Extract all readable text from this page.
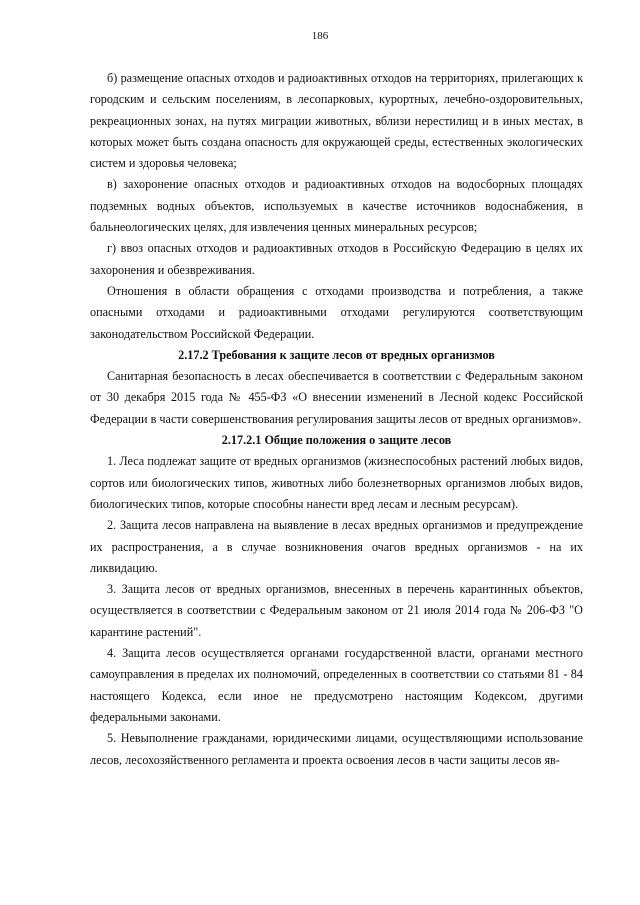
186

б) размещение опасных отходов и радиоактивных отходов на территориях, прилегающих к городским и сельским поселениям, в лесопарковых, курортных, лечебно-оздоровительных, рекреационных зонах, на путях миграции животных, вблизи нерестилищ и в иных местах, в которых может быть создана опасность для окружающей среды, естественных экологических систем и здоровья человека;

в) захоронение опасных отходов и радиоактивных отходов на водосборных площадях подземных водных объектов, используемых в качестве источников водоснабжения, в бальнеологических целях, для извлечения ценных минеральных ресурсов;

г) ввоз опасных отходов и радиоактивных отходов в Российскую Федерацию в целях их захоронения и обезвреживания.

Отношения в области обращения с отходами производства и потребления, а также опасными отходами и радиоактивными отходами регулируются соответствующим законодательством Российской Федерации.

2.17.2 Требования к защите лесов от вредных организмов

Санитарная безопасность в лесах обеспечивается в соответствии с Федеральным законом от 30 декабря 2015 года № 455-ФЗ «О внесении изменений в Лесной кодекс Российской Федерации в части совершенствования регулирования защиты лесов от вредных организмов».

2.17.2.1 Общие положения о защите лесов

1. Леса подлежат защите от вредных организмов (жизнеспособных растений любых видов, сортов или биологических типов, животных либо болезнетворных организмов любых видов, биологических типов, которые способны нанести вред лесам и лесным ресурсам).

2. Защита лесов направлена на выявление в лесах вредных организмов и предупреждение их распространения, а в случае возникновения очагов вредных организмов - на их ликвидацию.

3. Защита лесов от вредных организмов, внесенных в перечень карантинных объектов, осуществляется в соответствии с Федеральным законом от 21 июля 2014 года № 206-ФЗ "О карантине растений".

4. Защита лесов осуществляется органами государственной власти, органами местного самоуправления в пределах их полномочий, определенных в соответствии со статьями 81 - 84 настоящего Кодекса, если иное не предусмотрено настоящим Кодексом, другими федеральными законами.

5. Невыполнение гражданами, юридическими лицами, осуществляющими использование лесов, лесохозяйственного регламента и проекта освоения лесов в части защиты лесов яв-
